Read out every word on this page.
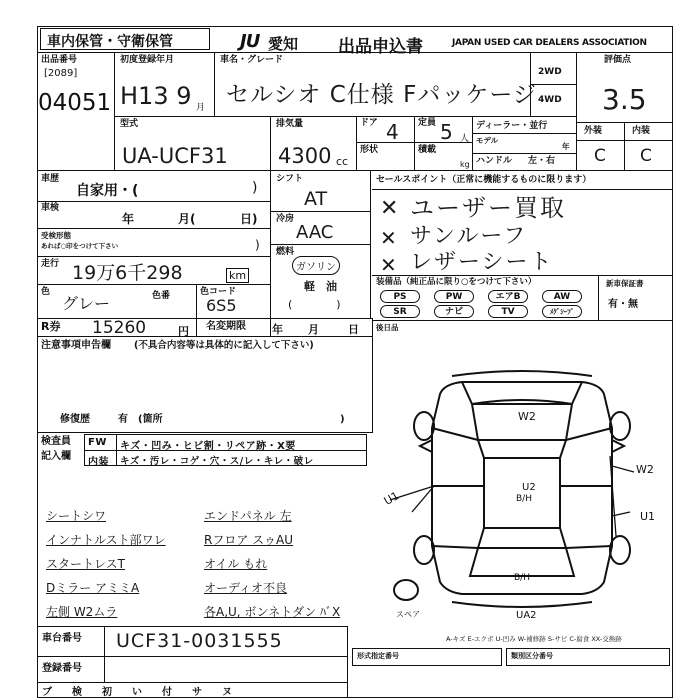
車内保管・守衛保管	JU 愛知 出品申込書	JAPAN USED CAR DEALERS ASSOCIATION
出品番号
[2089]
04051
初度登録年月
H13 9 月
車名・グレード
セルシオ C仕様 Fパッケージ
2WD
4WD
評価点
3.5
外装	内装
C C
型式
UA-UCF31
排気量
4300 cc
ドア 4 定員 5 人
形状	積載
kg
ディーラー・並行
モデル
年
ハンドル 左・右
車歴
自家用・(	)
車検
年	月(	日)
受検形態
あれば○印をつけて下さい	)
走行 19万6千298	km
色
グレー	色番	色コード
6S5
シフト
AT
冷房
AAC
燃料
ガソリン
軽　油
(　　　　)
R券 15260	円 名変期限 年 月	日
セールスポイント（正常に機能するものに限ります）
✕ ユーザー買取
✕ サンルーフ
✕ レザーシート
装備品（純正品に限り○をつけて下さい）	新車保証書
有・無
PS	PW	エアB	AW
SR	ナビ	TV	ﾒｸﾞｼｰﾌﾟ
後日品
注意事項申告欄 (不具合内容等は具体的に記入して下さい)
修復歴	有　(箇所	)
検査員
記入欄
FW キズ・凹み・ヒビ割・リペア跡・X要
内装 キズ・汚レ・コゲ・穴・ス/レ・キレ・破レ
シートシワ	エンドパネル 左
インナトルスト部ワレ	Rフロア スゥAU
スタートレスT	オイル もれ
Dミラー アミミA	オーディオ不良
左側 W2ムラ	各A,U, ボンネトダン ﾊﾞX
W2
U2
B/H
W2
U1
B/H
UA2
U1
スペア
A-キズ E-エクボ U-凹み W-補修跡 S-サビ C-腐食 XX-交換跡
車台番号 UCF31-0031555
登録番号
形式指定番号	類別区分番号
ブ 検 初 い 付 サ ヌ
